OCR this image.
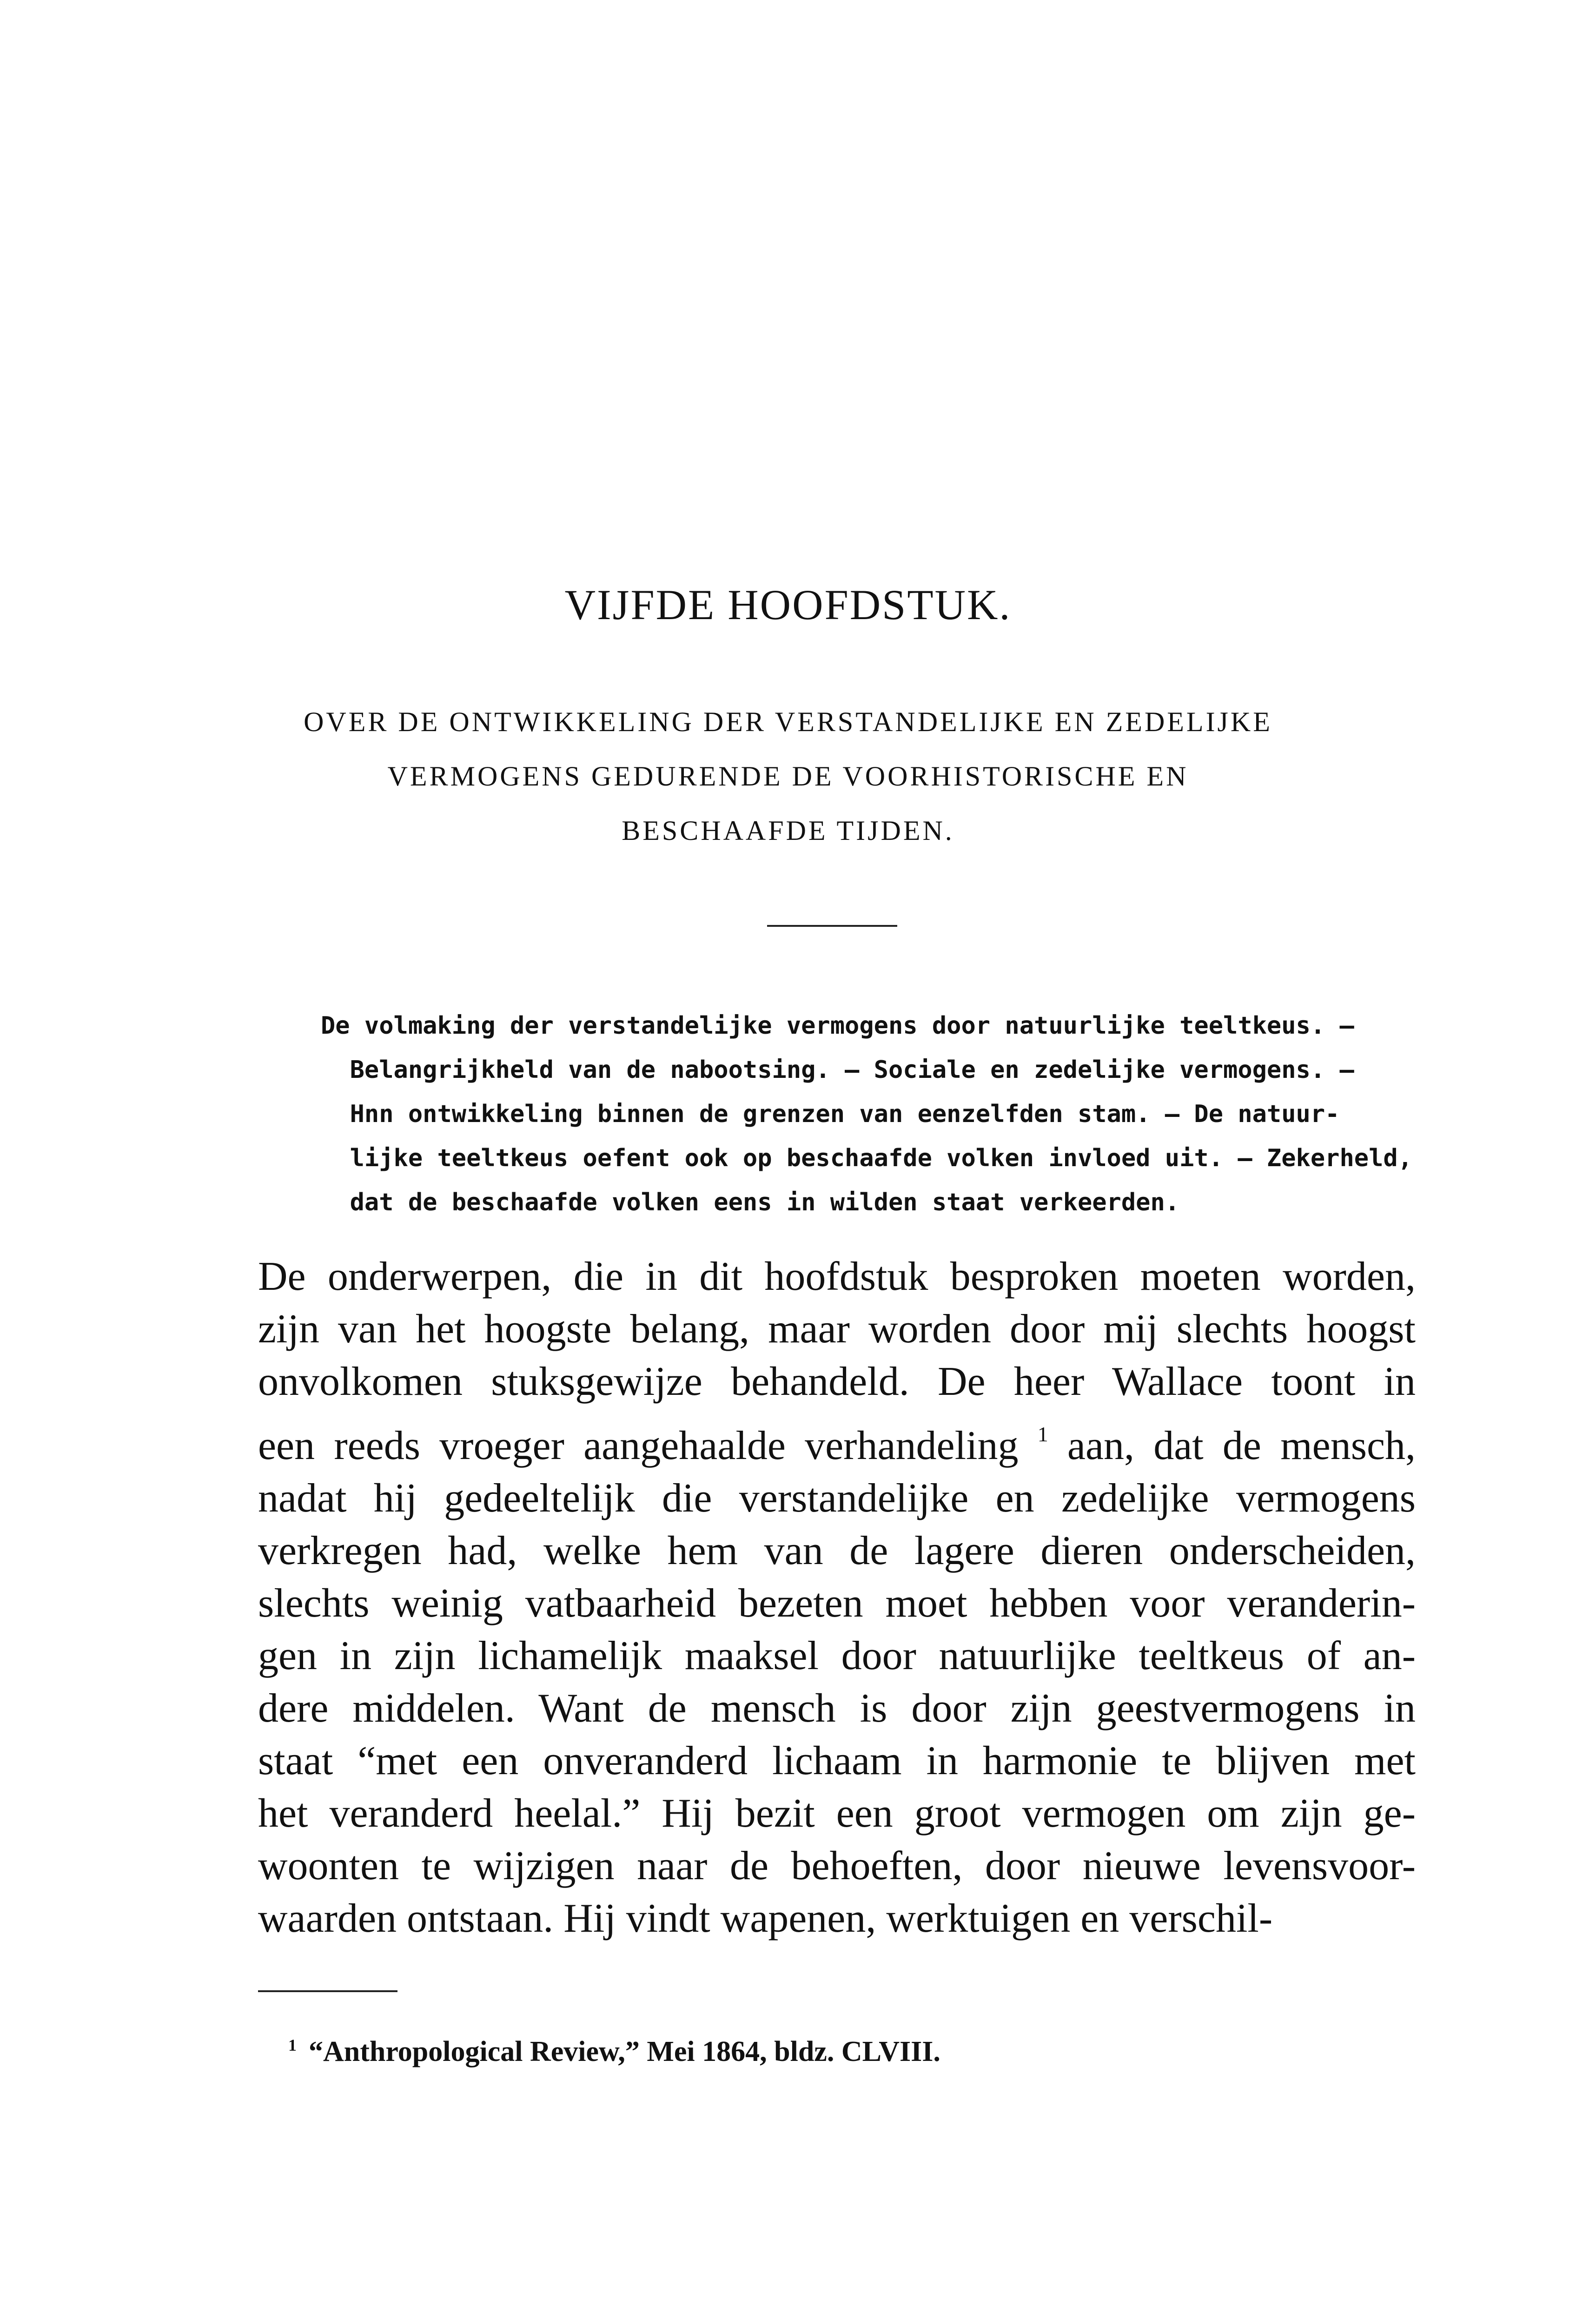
VIJFDE HOOFDSTUK.
OVER DE ONTWIKKELING DER VERSTANDELIJKE EN ZEDELIJKE
VERMOGENS GEDURENDE DE VOORHISTORISCHE EN
BESCHAAFDE TIJDEN.
De volmaking der verstandelijke vermogens door natuurlijke teeltkeus. —
Belangrijkheld van de nabootsing. — Sociale en zedelijke vermogens. —
Hnn ontwikkeling binnen de grenzen van eenzelfden stam. — De natuur-
lijke teeltkeus oefent ook op beschaafde volken invloed uit. — Zekerheld,
dat de beschaafde volken eens in wilden staat verkeerden.
De onderwerpen, die in dit hoofdstuk besproken moeten worden,
zijn van het hoogste belang, maar worden door mij slechts hoogst
onvolkomen stuksgewijze behandeld. De heer Wallace toont in
een reeds vroeger aangehaalde verhandeling $^1$ aan, dat de mensch,
nadat hij gedeeltelijk die verstandelijke en zedelijke vermogens
verkregen had, welke hem van de lagere dieren onderscheiden,
slechts weinig vatbaarheid bezeten moet hebben voor veranderin-
gen in zijn lichamelijk maaksel door natuurlijke teeltkeus of an-
dere middelen. Want de mensch is door zijn geestvermogens in
staat “met een onveranderd lichaam in harmonie te blijven met
het veranderd heelal.” Hij bezit een groot vermogen om zijn ge-
woonten te wijzigen naar de behoeften, door nieuwe levensvoor-
waarden ontstaan. Hij vindt wapenen, werktuigen en verschil-

$^1$ “Anthropological Review,” Mei 1864, bldz. CLVIII.
